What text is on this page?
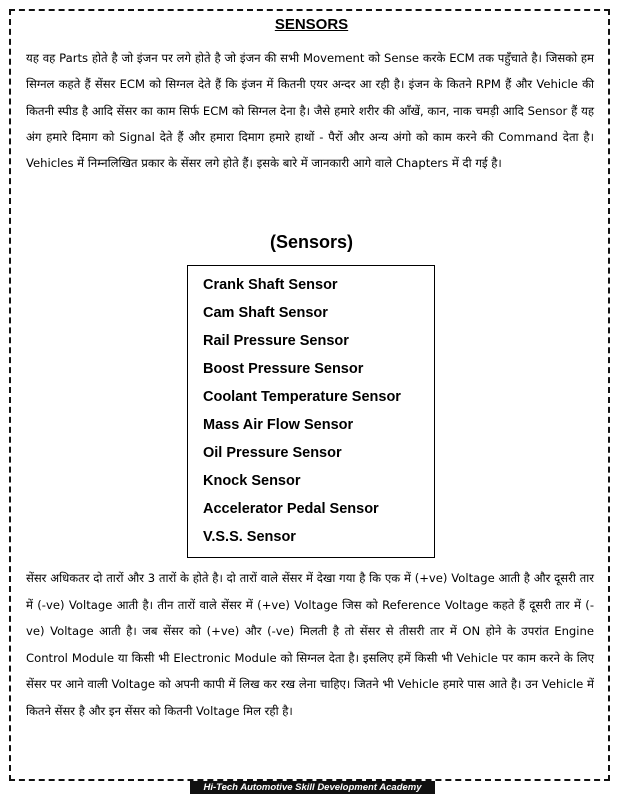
SENSORS

यह वह Parts होते है जो इंजन पर लगे होते है जो इंजन की सभी Movement को Sense करके ECM तक पहुँचाते है। जिसको हम सिग्नल कहते हैं सेंसर ECM को सिग्नल देते हैं कि इंजन में कितनी एयर अन्दर आ रही है। इंजन के कितने RPM हैं और Vehicle की कितनी स्पीड है आदि सेंसर का काम सिर्फ ECM को सिग्नल देना है। जैसे हमारे शरीर की आँखें, कान, नाक चमड़ी आदि Sensor हैं यह अंग हमारे दिमाग को Signal देते हैं और हमारा दिमाग हमारे हाथों - पैरों और अन्य अंगो को काम करने की Command देता है। Vehicles में निम्नलिखित प्रकार के सेंसर लगे होते हैं। इसके बारे में जानकारी आगे वाले Chapters में दी गई है।

(Sensors)
Crank Shaft Sensor
Cam Shaft Sensor
Rail Pressure Sensor
Boost Pressure Sensor
Coolant Temperature Sensor
Mass Air Flow Sensor
Oil Pressure Sensor
Knock Sensor
Accelerator Pedal Sensor
V.S.S. Sensor

सेंसर अधिकतर दो तारों और 3 तारों के होते है। दो तारों वाले सेंसर में देखा गया है कि एक में (+ve) Voltage आती है और दूसरी तार में (-ve) Voltage आती है। तीन तारों वाले सेंसर में (+ve) Voltage जिस को Reference Voltage कहते हैं दूसरी तार में (-ve) Voltage आती है। जब सेंसर को (+ve) और (-ve) मिलती है तो सेंसर से तीसरी तार में ON होने के उपरांत Engine Control Module या किसी भी Electronic Module को सिग्नल देता है। इसलिए हमें किसी भी Vehicle पर काम करने के लिए सेंसर पर आने वाली Voltage को अपनी कापी में लिख कर रख लेना चाहिए। जितने भी Vehicle हमारे पास आते है। उन Vehicle में कितने सेंसर है और इन सेंसर को कितनी Voltage मिल रही है।

Hi-Tech Automotive Skill Development Academy
